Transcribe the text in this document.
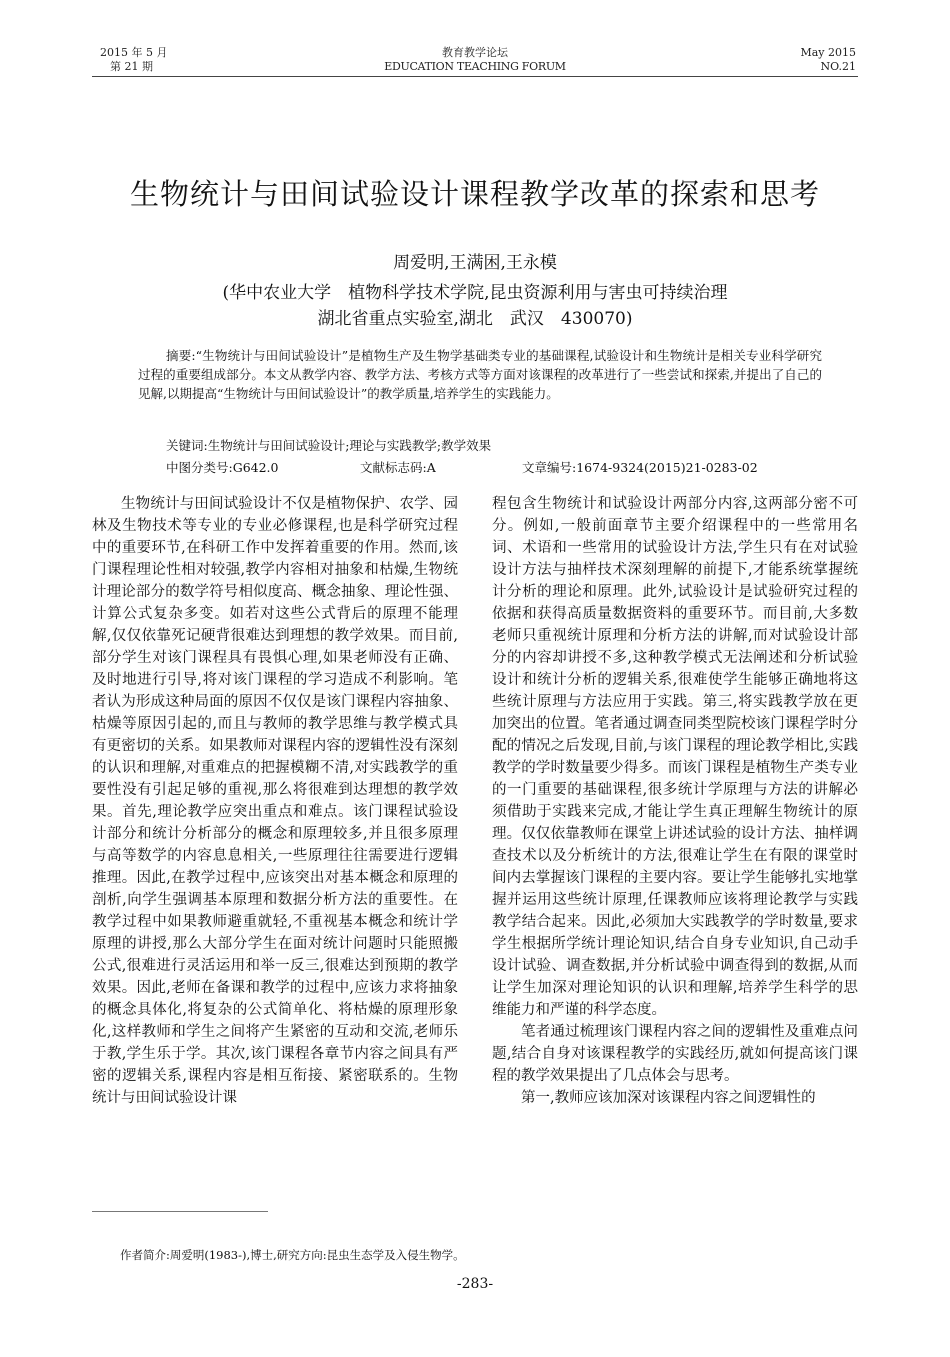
2015 年 5 月
第 21 期
教育教学论坛
EDUCATION TEACHING FORUM
May 2015
NO.21
生物统计与田间试验设计课程教学改革的探索和思考
周爱明,王满困,王永模
(华中农业大学　植物科学技术学院,昆虫资源利用与害虫可持续治理
湖北省重点实验室,湖北　武汉　430070)
摘要:“生物统计与田间试验设计”是植物生产及生物学基础类专业的基础课程,试验设计和生物统计是相关专业科学研究过程的重要组成部分。本文从教学内容、教学方法、考核方式等方面对该课程的改革进行了一些尝试和探索,并提出了自己的见解,以期提高“生物统计与田间试验设计”的教学质量,培养学生的实践能力。
关键词:生物统计与田间试验设计;理论与实践教学;教学效果
中图分类号:G642.0	文献标志码:A	文章编号:1674-9324(2015)21-0283-02

生物统计与田间试验设计不仅是植物保护、农学、园林及生物技术等专业的专业必修课程,也是科学研究过程中的重要环节,在科研工作中发挥着重要的作用。然而,该门课程理论性相对较强,教学内容相对抽象和枯燥,生物统计理论部分的数学符号相似度高、概念抽象、理论性强、计算公式复杂多变。如若对这些公式背后的原理不能理解,仅仅依靠死记硬背很难达到理想的教学效果。而目前,部分学生对该门课程具有畏惧心理,如果老师没有正确、及时地进行引导,将对该门课程的学习造成不利影响。笔者认为形成这种局面的原因不仅仅是该门课程内容抽象、枯燥等原因引起的,而且与教师的教学思维与教学模式具有更密切的关系。如果教师对课程内容的逻辑性没有深刻的认识和理解,对重难点的把握模糊不清,对实践教学的重要性没有引起足够的重视,那么将很难到达理想的教学效果。首先,理论教学应突出重点和难点。该门课程试验设计部分和统计分析部分的概念和原理较多,并且很多原理与高等数学的内容息息相关,一些原理往往需要进行逻辑推理。因此,在教学过程中,应该突出对基本概念和原理的剖析,向学生强调基本原理和数据分析方法的重要性。在教学过程中如果教师避重就轻,不重视基本概念和统计学原理的讲授,那么大部分学生在面对统计问题时只能照搬公式,很难进行灵活运用和举一反三,很难达到预期的教学效果。因此,老师在备课和教学的过程中,应该力求将抽象的概念具体化,将复杂的公式简单化、将枯燥的原理形象化,这样教师和学生之间将产生紧密的互动和交流,老师乐于教,学生乐于学。其次,该门课程各章节内容之间具有严密的逻辑关系,课程内容是相互衔接、紧密联系的。生物统计与田间试验设计课

程包含生物统计和试验设计两部分内容,这两部分密不可分。例如,一般前面章节主要介绍课程中的一些常用名词、术语和一些常用的试验设计方法,学生只有在对试验设计方法与抽样技术深刻理解的前提下,才能系统掌握统计分析的理论和原理。此外,试验设计是试验研究过程的依据和获得高质量数据资料的重要环节。而目前,大多数老师只重视统计原理和分析方法的讲解,而对试验设计部分的内容却讲授不多,这种教学模式无法阐述和分析试验设计和统计分析的逻辑关系,很难使学生能够正确地将这些统计原理与方法应用于实践。第三,将实践教学放在更加突出的位置。笔者通过调查同类型院校该门课程学时分配的情况之后发现,目前,与该门课程的理论教学相比,实践教学的学时数量要少得多。而该门课程是植物生产类专业的一门重要的基础课程,很多统计学原理与方法的讲解必须借助于实践来完成,才能让学生真正理解生物统计的原理。仅仅依靠教师在课堂上讲述试验的设计方法、抽样调查技术以及分析统计的方法,很难让学生在有限的课堂时间内去掌握该门课程的主要内容。要让学生能够扎实地掌握并运用这些统计原理,任课教师应该将理论教学与实践教学结合起来。因此,必须加大实践教学的学时数量,要求学生根据所学统计理论知识,结合自身专业知识,自己动手设计试验、调查数据,并分析试验中调查得到的数据,从而让学生加深对理论知识的认识和理解,培养学生科学的思维能力和严谨的科学态度。

笔者通过梳理该门课程内容之间的逻辑性及重难点问题,结合自身对该课程教学的实践经历,就如何提高该门课程的教学效果提出了几点体会与思考。

第一,教师应该加深对该课程内容之间逻辑性的

作者简介:周爱明(1983-),博士,研究方向:昆虫生态学及入侵生物学。
-283-
